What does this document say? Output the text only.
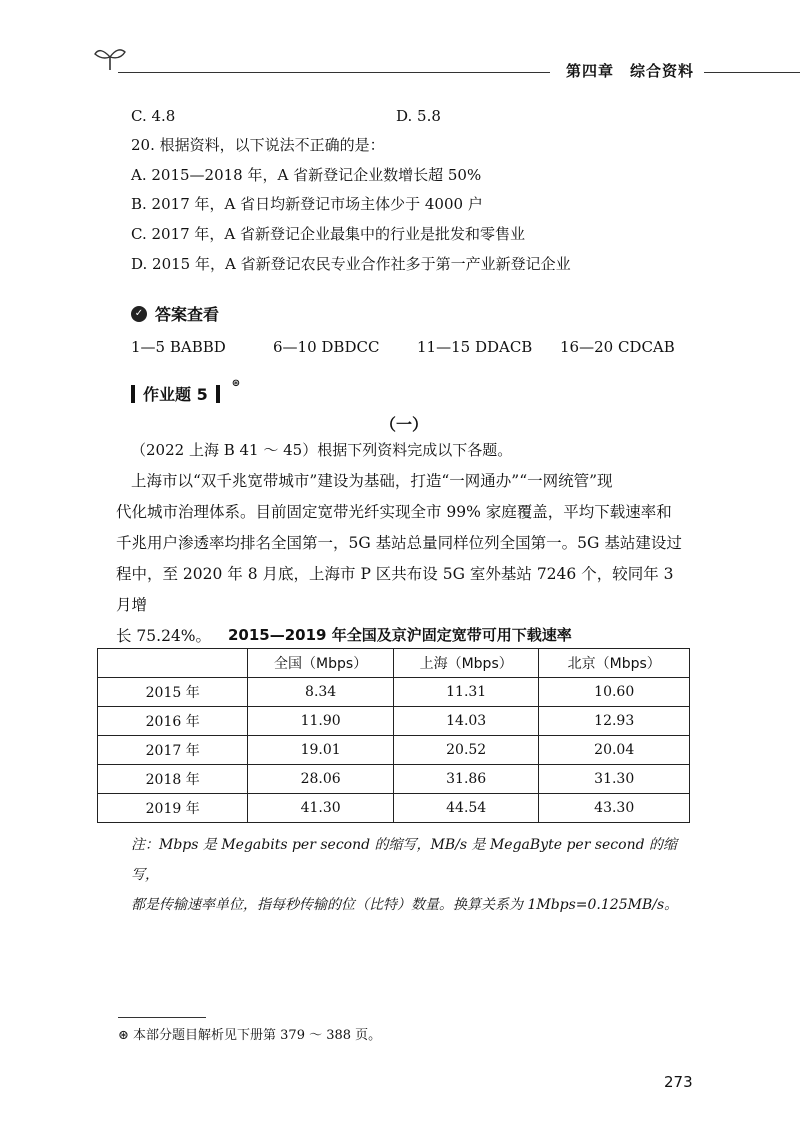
第四章 综合资料
C. 4.8	D. 5.8
20. 根据资料，以下说法不正确的是：
A. 2015—2018 年，A 省新登记企业数增长超 50%
B. 2017 年，A 省日均新登记市场主体少于 4000 户
C. 2017 年，A 省新登记企业最集中的行业是批发和零售业
D. 2015 年，A 省新登记农民专业合作社多于第一产业新登记企业
✓ 答案查看
1—5 BABBD	6—10 DBDCC	11—15 DDACB 16—20 CDCAB
作业题 5
⊛
（一）
（2022 上海 B 41 ～ 45）根据下列资料完成以下各题。
上海市以“双千兆宽带城市”建设为基础，打造“一网通办”“一网统管”现
代化城市治理体系。目前固定宽带光纤实现全市 99% 家庭覆盖，平均下载速率和
千兆用户渗透率均排名全国第一，5G 基站总量同样位列全国第一。5G 基站建设过
程中，至 2020 年 8 月底，上海市 P 区共布设 5G 室外基站 7246 个，较同年 3 月增
长 75.24%。	2015—2019 年全国及京沪固定宽带可用下载速率
	全国（Mbps）	上海（Mbps）	北京（Mbps）
2015 年	8.34	11.31	10.60
2016 年	11.90	14.03	12.93
2017 年	19.01	20.52	20.04
2018 年	28.06	31.86	31.30
2019 年	41.30	44.54	43.30
注：Mbps 是 Megabits per second 的缩写，MB/s 是 MegaByte per second 的缩写，
都是传输速率单位，指每秒传输的位（比特）数量。换算关系为 1Mbps=0.125MB/s。
⊛ 本部分题目解析见下册第 379 ～ 388 页。
273
